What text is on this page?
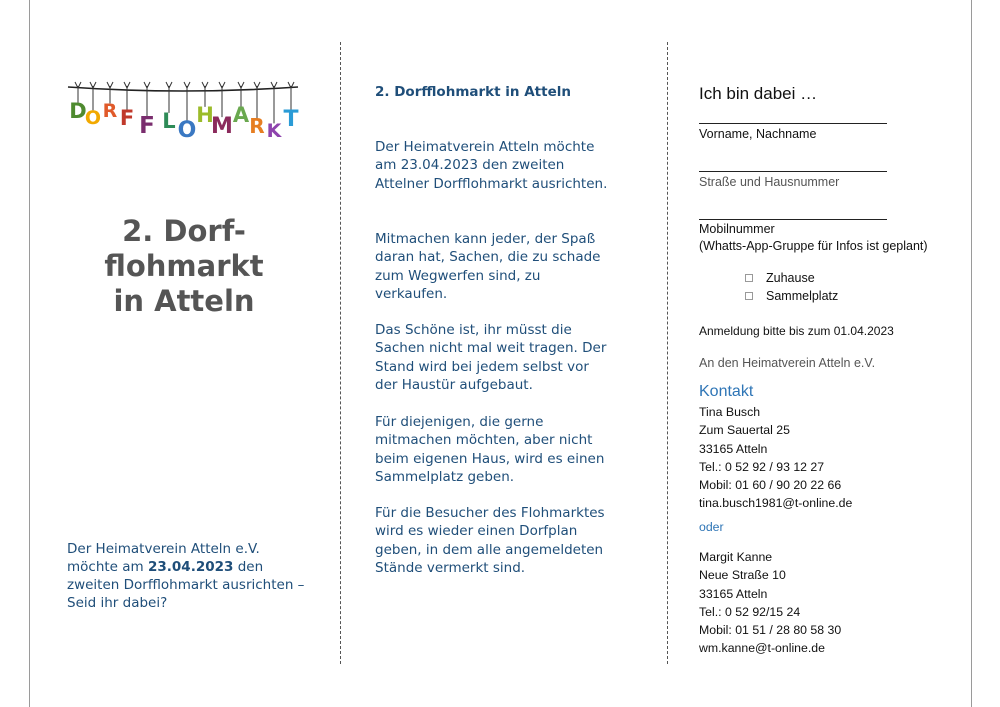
D
O R F F L O
H
M A R K T
2. Dorf-
flohmarkt
in Atteln
Der Heimatverein Atteln e.V. möchte am 23.04.2023 den zweiten Dorfflohmarkt ausrichten – Seid ihr dabei?
2. Dorfflohmarkt in Atteln
Der Heimatverein Atteln möchte am 23.04.2023 den zweiten Attelner Dorfflohmarkt ausrichten.
Mitmachen kann jeder, der Spaß daran hat, Sachen, die zu schade zum Wegwerfen sind, zu verkaufen.
Das Schöne ist, ihr müsst die Sachen nicht mal weit tragen. Der Stand wird bei jedem selbst vor der Haustür aufgebaut.
Für diejenigen, die gerne mitmachen möchten, aber nicht beim eigenen Haus, wird es einen Sammelplatz geben.
Für die Besucher des Flohmarktes wird es wieder einen Dorfplan geben, in dem alle angemeldeten Stände vermerkt sind.
Ich bin dabei …
Vorname, Nachname
Straße und Hausnummer
Mobilnummer
(Whatts-App-Gruppe für Infos ist geplant)
Zuhause
Sammelplatz
Anmeldung bitte bis zum 01.04.2023
An den Heimatverein Atteln e.V.
Kontakt
Tina Busch
Zum Sauertal 25
33165 Atteln
Tel.: 0 52 92 / 93 12 27
Mobil: 01 60 / 90 20 22 66
tina.busch1981@t-online.de
oder
Margit Kanne
Neue Straße 10
33165 Atteln
Tel.: 0 52 92/15 24
Mobil: 01 51 / 28 80 58 30
wm.kanne@t-online.de
